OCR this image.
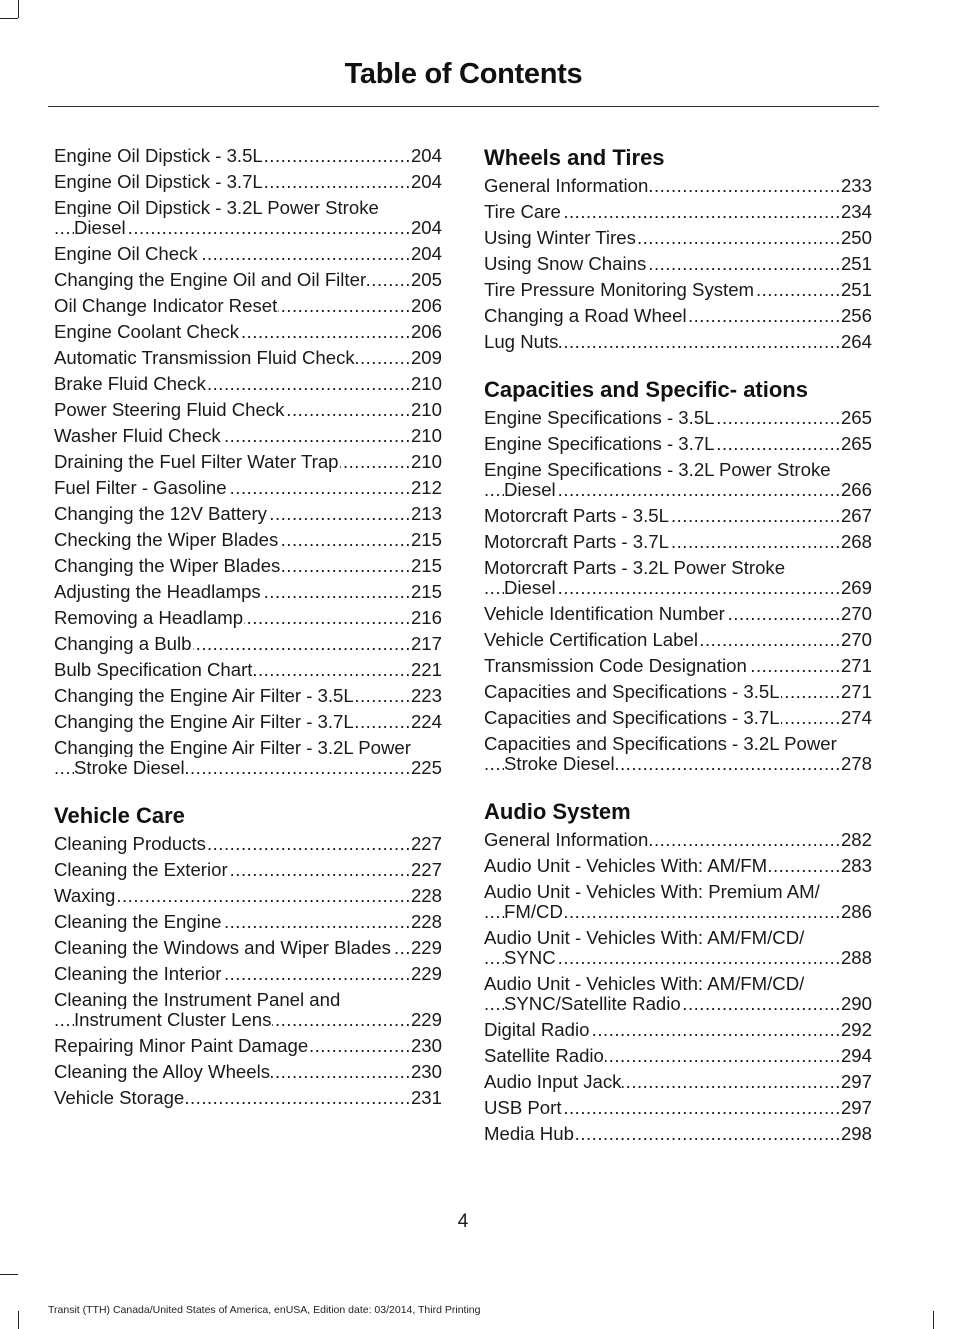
Table of Contents
Engine Oil Dipstick - 3.5L .....	204
Engine Oil Dipstick - 3.7L .....	204
Engine Oil Dipstick - 3.2L Power Stroke Diesel .....	204
Engine Oil Check .....	204
Changing the Engine Oil and Oil Filter .....	205
Oil Change Indicator Reset .....	206
Engine Coolant Check .....	206
Automatic Transmission Fluid Check .....	209
Brake Fluid Check .....	210
Power Steering Fluid Check .....	210
Washer Fluid Check .....	210
Draining the Fuel Filter Water Trap .....	210
Fuel Filter - Gasoline .....	212
Changing the 12V Battery .....	213
Checking the Wiper Blades .....	215
Changing the Wiper Blades .....	215
Adjusting the Headlamps .....	215
Removing a Headlamp .....	216
Changing a Bulb .....	217
Bulb Specification Chart .....	221
Changing the Engine Air Filter - 3.5L .....	223
Changing the Engine Air Filter - 3.7L .....	224
Changing the Engine Air Filter - 3.2L Power Stroke Diesel .....	225
Vehicle Care
Cleaning Products .....	227
Cleaning the Exterior .....	227
Waxing .....	228
Cleaning the Engine .....	228
Cleaning the Windows and Wiper Blades .....	229
Cleaning the Interior .....	229
Cleaning the Instrument Panel and Instrument Cluster Lens .....	229
Repairing Minor Paint Damage .....	230
Cleaning the Alloy Wheels .....	230
Vehicle Storage .....	231
Wheels and Tires
General Information .....	233
Tire Care .....	234
Using Winter Tires .....	250
Using Snow Chains .....	251
Tire Pressure Monitoring System .....	251
Changing a Road Wheel .....	256
Lug Nuts .....	264
Capacities and Specific- ations
Engine Specifications - 3.5L .....	265
Engine Specifications - 3.7L .....	265
Engine Specifications - 3.2L Power Stroke Diesel .....	266
Motorcraft Parts - 3.5L .....	267
Motorcraft Parts - 3.7L .....	268
Motorcraft Parts - 3.2L Power Stroke Diesel .....	269
Vehicle Identification Number .....	270
Vehicle Certification Label .....	270
Transmission Code Designation .....	271
Capacities and Specifications - 3.5L .....	271
Capacities and Specifications - 3.7L .....	274
Capacities and Specifications - 3.2L Power Stroke Diesel .....	278
Audio System
General Information .....	282
Audio Unit - Vehicles With: AM/FM .....	283
Audio Unit - Vehicles With: Premium AM/ FM/CD .....	286
Audio Unit - Vehicles With: AM/FM/CD/ SYNC .....	288
Audio Unit - Vehicles With: AM/FM/CD/ SYNC/Satellite Radio .....	290
Digital Radio .....	292
Satellite Radio .....	294
Audio Input Jack .....	297
USB Port .....	297
Media Hub .....	298
4
Transit (TTH) Canada/United States of America, enUSA, Edition date: 03/2014, Third Printing
